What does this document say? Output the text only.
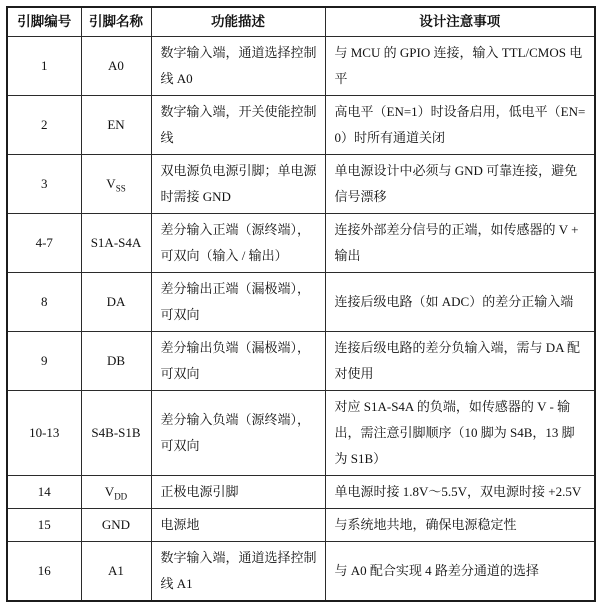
引脚编号	引脚名称	功能描述	设计注意事项
1	A0	数字输入端，通道选择控制线 A0	与 MCU 的 GPIO 连接，输入 TTL/CMOS 电平
2	EN	数字输入端，开关使能控制线	高电平（EN=1）时设备启用，低电平（EN=0）时所有通道关闭
3	$V_{SS}$	双电源负电源引脚；单电源时需接 GND	单电源设计中必须与 GND 可靠连接，避免信号漂移
4-7	S1A-S4A	差分输入正端（源终端），可双向（输入 / 输出）	连接外部差分信号的正端，如传感器的 V + 输出
8	DA	差分输出正端（漏极端），可双向	连接后级电路（如 ADC）的差分正输入端
9	DB	差分输出负端（漏极端），可双向	连接后级电路的差分负输入端，需与 DA 配对使用
10-13	S4B-S1B	差分输入负端（源终端），可双向	对应 S1A-S4A 的负端，如传感器的 V - 输出，需注意引脚顺序（10 脚为 S4B，13 脚为 S1B）
14	$V_{DD}$	正极电源引脚	单电源时接 1.8V～5.5V，双电源时接 +2.5V
15	GND	电源地	与系统地共地，确保电源稳定性
16	A1	数字输入端，通道选择控制线 A1	与 A0 配合实现 4 路差分通道的选择
